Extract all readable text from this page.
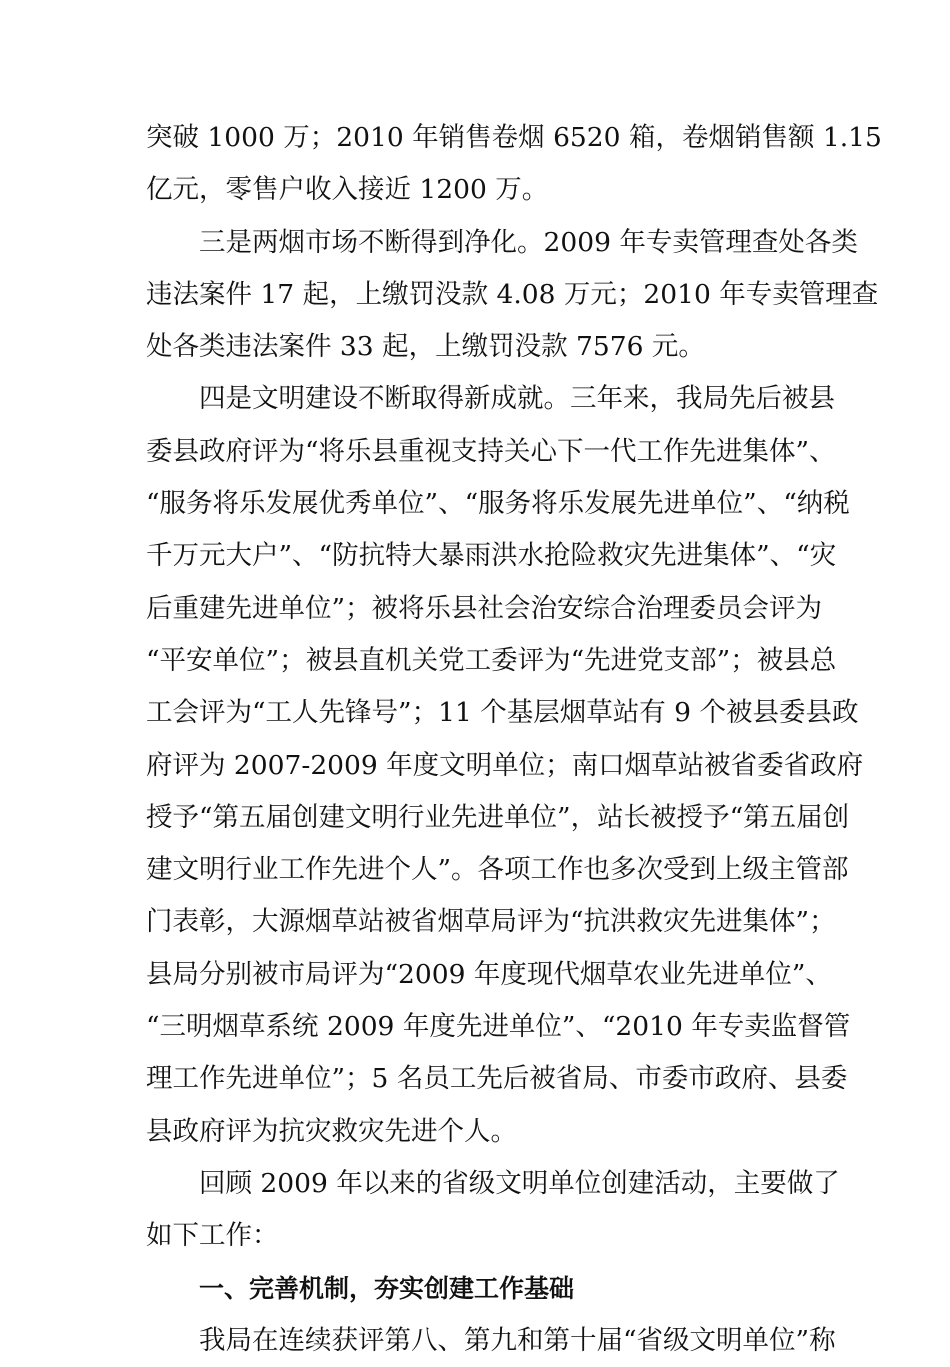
突破 1000 万；2010 年销售卷烟 6520 箱，卷烟销售额 1.15
亿元，零售户收入接近 1200 万。
三是两烟市场不断得到净化。2009 年专卖管理查处各类
违法案件 17 起，上缴罚没款 4.08 万元；2010 年专卖管理查
处各类违法案件 33 起，上缴罚没款 7576 元。
四是文明建设不断取得新成就。三年来，我局先后被县
委县政府评为“将乐县重视支持关心下一代工作先进集体”、
“服务将乐发展优秀单位”、“服务将乐发展先进单位”、“纳税
千万元大户”、“防抗特大暴雨洪水抢险救灾先进集体”、“灾
后重建先进单位”；被将乐县社会治安综合治理委员会评为
“平安单位”；被县直机关党工委评为“先进党支部”；被县总
工会评为“工人先锋号”；11 个基层烟草站有 9 个被县委县政
府评为 2007-2009 年度文明单位；南口烟草站被省委省政府
授予“第五届创建文明行业先进单位”，站长被授予“第五届创
建文明行业工作先进个人”。各项工作也多次受到上级主管部
门表彰，大源烟草站被省烟草局评为“抗洪救灾先进集体”；
县局分别被市局评为“2009 年度现代烟草农业先进单位”、
“三明烟草系统 2009 年度先进单位”、“2010 年专卖监督管
理工作先进单位”；5 名员工先后被省局、市委市政府、县委
县政府评为抗灾救灾先进个人。
回顾 2009 年以来的省级文明单位创建活动，主要做了
如下工作：
一、完善机制，夯实创建工作基础
我局在连续获评第八、第九和第十届“省级文明单位”称
